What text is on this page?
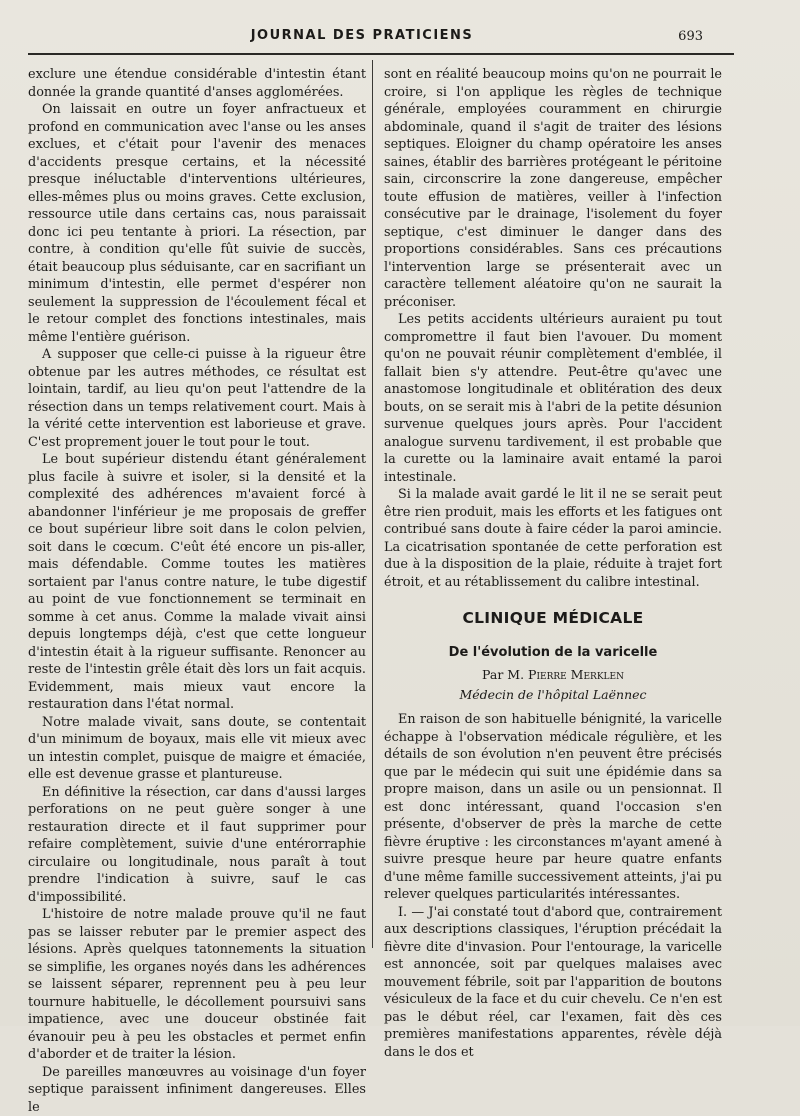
JOURNAL DES PRATICIENS	693

exclure une étendue considérable d'intestin étant donnée la grande quantité d'anses agglomérées.

On laissait en outre un foyer anfractueux et profond en communication avec l'anse ou les anses exclues, et c'était pour l'avenir des menaces d'accidents presque certains, et la nécessité presque inéluctable d'interventions ultérieures, elles-mêmes plus ou moins graves. Cette exclusion, ressource utile dans certains cas, nous paraissait donc ici peu tentante à priori. La résection, par contre, à condition qu'elle fût suivie de succès, était beaucoup plus séduisante, car en sacrifiant un minimum d'intestin, elle permet d'espérer non seulement la suppression de l'écoulement fécal et le retour complet des fonctions intestinales, mais même l'entière guérison.

A supposer que celle-ci puisse à la rigueur être obtenue par les autres méthodes, ce résultat est lointain, tardif, au lieu qu'on peut l'attendre de la résection dans un temps relativement court. Mais à la vérité cette intervention est laborieuse et grave. C'est proprement jouer le tout pour le tout.

Le bout supérieur distendu étant généralement plus facile à suivre et isoler, si la densité et la complexité des adhérences m'avaient forcé à abandonner l'inférieur je me proposais de greffer ce bout supérieur libre soit dans le colon pelvien, soit dans le cœcum. C'eût été encore un pis-aller, mais défendable. Comme toutes les matières sortaient par l'anus contre nature, le tube digestif au point de vue fonctionnement se terminait en somme à cet anus. Comme la malade vivait ainsi depuis longtemps déjà, c'est que cette longueur d'intestin était à la rigueur suffisante. Renoncer au reste de l'intestin grêle était dès lors un fait acquis. Evidemment, mais mieux vaut encore la restauration dans l'état normal.

Notre malade vivait, sans doute, se contentait d'un minimum de boyaux, mais elle vit mieux avec un intestin complet, puisque de maigre et émaciée, elle est devenue grasse et plantureuse.

En définitive la résection, car dans d'aussi larges perforations on ne peut guère songer à une restauration directe et il faut supprimer pour refaire complètement, suivie d'une entérorraphie circulaire ou longitudinale, nous paraît à tout prendre l'indication à suivre, sauf le cas d'impossibilité.

L'histoire de notre malade prouve qu'il ne faut pas se laisser rebuter par le premier aspect des lésions. Après quelques tatonnements la situation se simplifie, les organes noyés dans les adhérences se laissent séparer, reprennent peu à peu leur tournure habituelle, le décollement poursuivi sans impatience, avec une douceur obstinée fait évanouir peu à peu les obstacles et permet enfin d'aborder et de traiter la lésion.

De pareilles manœuvres au voisinage d'un foyer septique paraissent infiniment dangereuses. Elles le

sont en réalité beaucoup moins qu'on ne pourrait le croire, si l'on applique les règles de technique générale, employées couramment en chirurgie abdominale, quand il s'agit de traiter des lésions septiques. Eloigner du champ opératoire les anses saines, établir des barrières protégeant le péritoine sain, circonscrire la zone dangereuse, empêcher toute effusion de matières, veiller à l'infection consécutive par le drainage, l'isolement du foyer septique, c'est diminuer le danger dans des proportions considérables. Sans ces précautions l'intervention large se présenterait avec un caractère tellement aléatoire qu'on ne saurait la préconiser.

Les petits accidents ultérieurs auraient pu tout compromettre il faut bien l'avouer. Du moment qu'on ne pouvait réunir complètement d'emblée, il fallait bien s'y attendre. Peut-être qu'avec une anastomose longitudinale et oblitération des deux bouts, on se serait mis à l'abri de la petite désunion survenue quelques jours après. Pour l'accident analogue survenu tardivement, il est probable que la curette ou la laminaire avait entamé la paroi intestinale.

Si la malade avait gardé le lit il ne se serait peut être rien produit, mais les efforts et les fatigues ont contribué sans doute à faire céder la paroi amincie. La cicatrisation spontanée de cette perforation est due à la disposition de la plaie, réduite à trajet fort étroit, et au rétablissement du calibre intestinal.

CLINIQUE MÉDICALE
De l'évolution de la varicelle
Par M. Pierre Merklen
Médecin de l'hôpital Laënnec

En raison de son habituelle bénignité, la varicelle échappe à l'observation médicale régulière, et les détails de son évolution n'en peuvent être précisés que par le médecin qui suit une épidémie dans sa propre maison, dans un asile ou un pensionnat. Il est donc intéressant, quand l'occasion s'en présente, d'observer de près la marche de cette fièvre éruptive : les circonstances m'ayant amené à suivre presque heure par heure quatre enfants d'une même famille successivement atteints, j'ai pu relever quelques particularités intéressantes.

I. — J'ai constaté tout d'abord que, contrairement aux descriptions classiques, l'éruption précédait la fièvre dite d'invasion. Pour l'entourage, la varicelle est annoncée, soit par quelques malaises avec mouvement fébrile, soit par l'apparition de boutons vésiculeux de la face et du cuir chevelu. Ce n'en est pas le début réel, car l'examen, fait dès ces premières manifestations apparentes, révèle déjà dans le dos et
